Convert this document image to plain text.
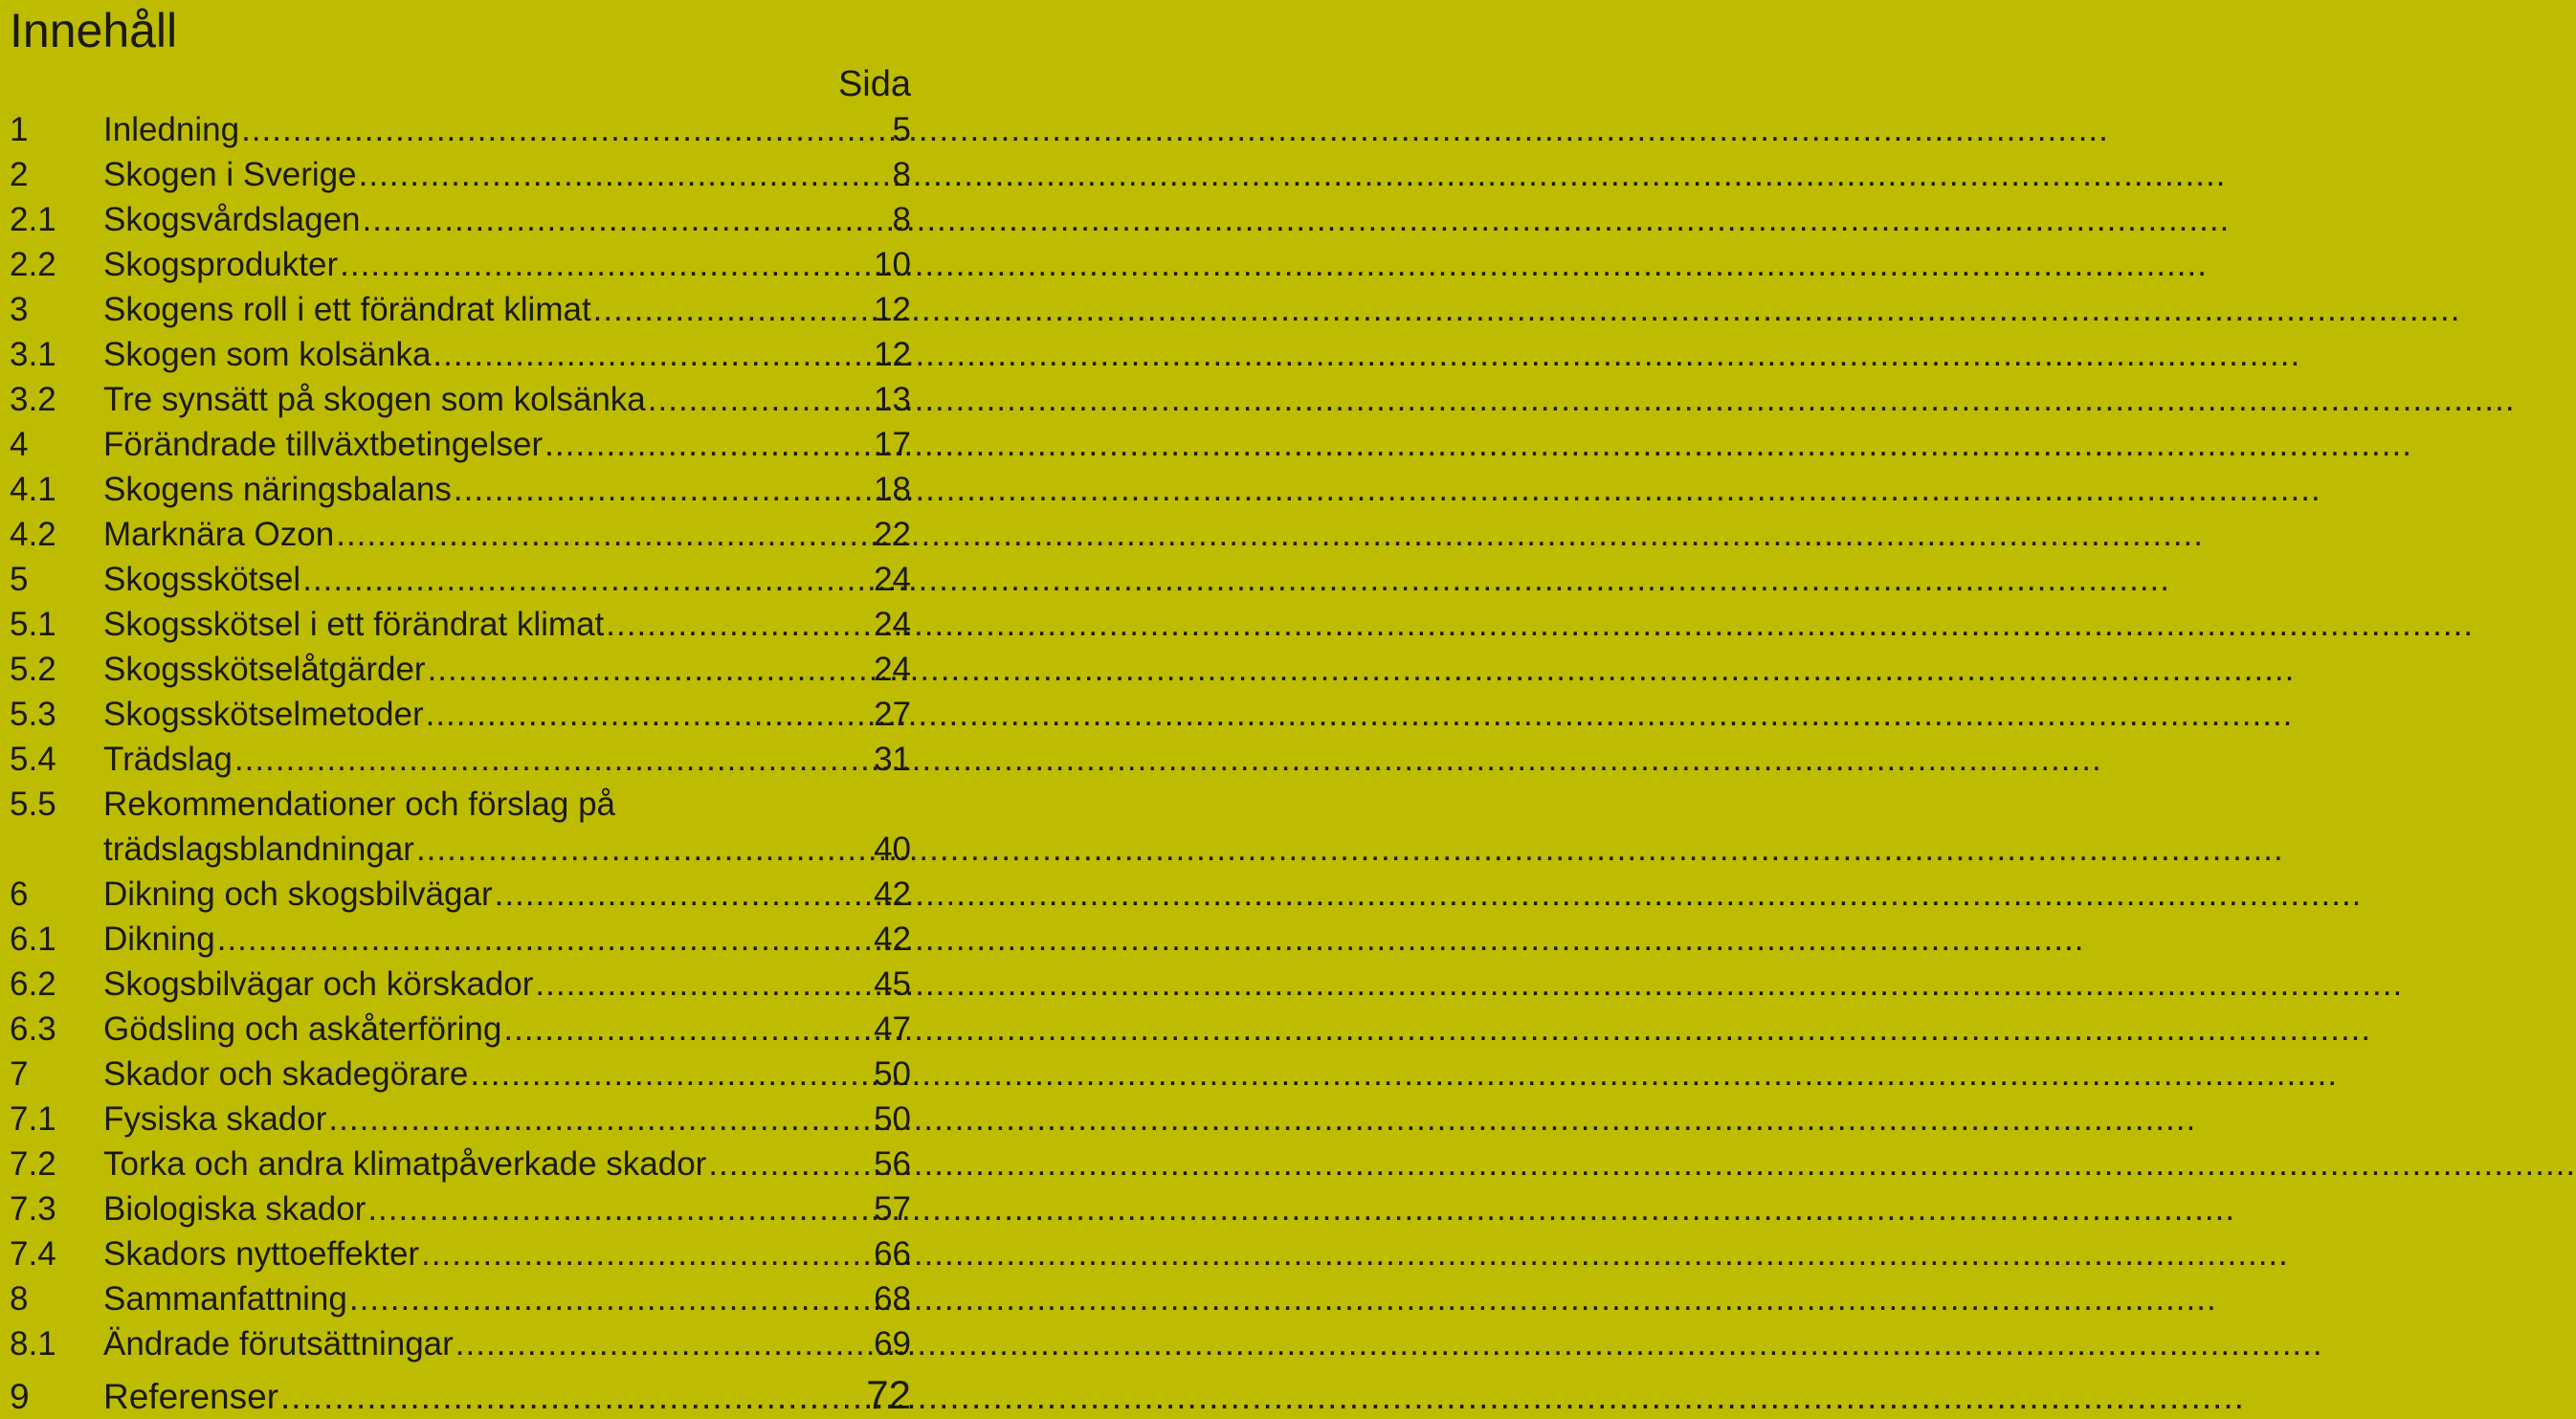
Innehåll
Sida
1	Inledning .....	5
2	Skogen i Sverige .....	8
2.1	Skogsvårdslagen .....	8
2.2	Skogsprodukter .....	10
3	Skogens roll i ett förändrat klimat .....	12
3.1	Skogen som kolsänka .....	12
3.2	Tre synsätt på skogen som kolsänka .....	13
4	Förändrade tillväxtbetingelser .....	17
4.1	Skogens näringsbalans .....	18
4.2	Marknära Ozon .....	22
5	Skogsskötsel .....	24
5.1	Skogsskötsel i ett förändrat klimat .....	24
5.2	Skogsskötselåtgärder .....	24
5.3	Skogsskötselmetoder .....	27
5.4	Trädslag .....	31
5.5	Rekommendationer och förslag på
trädslagsblandningar .....	40
6	Dikning och skogsbilvägar .....	42
6.1	Dikning .....	42
6.2	Skogsbilvägar och körskador .....	45
6.3	Gödsling och askåterföring .....	47
7	Skador och skadegörare .....	50
7.1	Fysiska skador .....	50
7.2	Torka och andra klimatpåverkade skador .....	56
7.3	Biologiska skador .....	57
7.4	Skadors nyttoeffekter .....	66
8	Sammanfattning .....	68
8.1	Ändrade förutsättningar .....	69
9	Referenser .....	72
